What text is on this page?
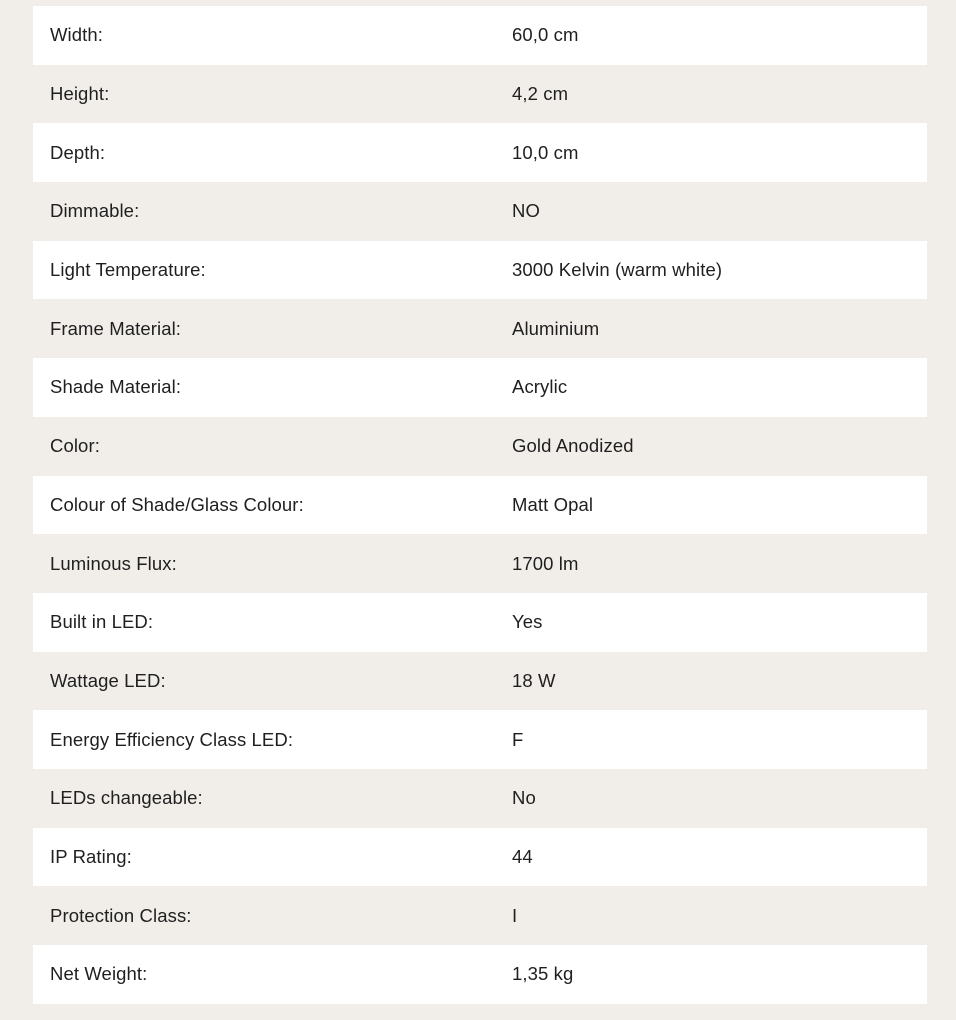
Width:	60,0 cm
Height:	4,2 cm
Depth:	10,0 cm
Dimmable:	NO
Light Temperature:	3000 Kelvin (warm white)
Frame Material:	Aluminium
Shade Material:	Acrylic
Color:	Gold Anodized
Colour of Shade/Glass Colour:	Matt Opal
Luminous Flux:	1700 lm
Built in LED:	Yes
Wattage LED:	18 W
Energy Efficiency Class LED:	F
LEDs changeable:	No
IP Rating:	44
Protection Class:	I
Net Weight:	1,35 kg
